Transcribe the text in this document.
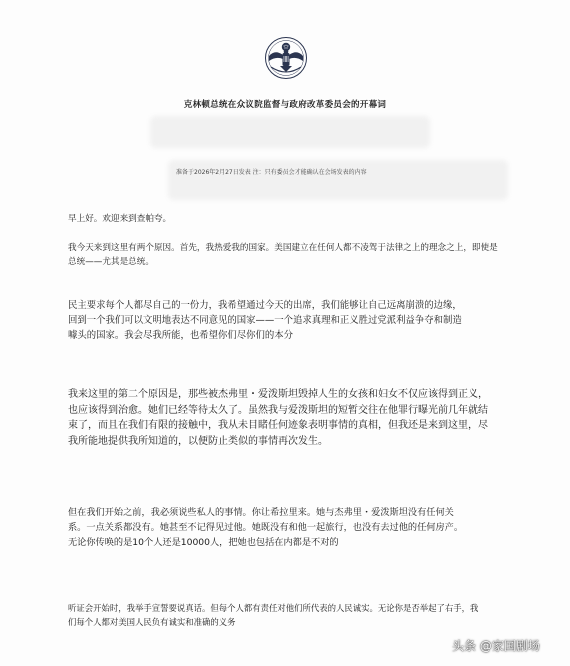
克林顿总统在众议院监督与政府改革委员会的开幕词
准备于2026年2月27日发表 注：只有委员会才能确认在会场发表的内容

早上好。欢迎来到查帕夸。

我今天来到这里有两个原因。首先，我热爱我的国家。美国建立在任何人都不凌驾于法律之上的理念之上，即使是总统——尤其是总统。

民主要求每个人都尽自己的一份力，我希望通过今天的出席，我们能够让自己远离崩溃的边缘，回到一个我们可以文明地表达不同意见的国家——一个追求真理和正义胜过党派利益争夺和制造噱头的国家。我会尽我所能，也希望你们尽你们的本分

我来这里的第二个原因是，那些被杰弗里・爱泼斯坦毁掉人生的女孩和妇女不仅应该得到正义，也应该得到治愈。她们已经等待太久了。虽然我与爱泼斯坦的短暂交往在他罪行曝光前几年就结束了，而且在我们有限的接触中，我从未目睹任何迹象表明事情的真相，但我还是来到这里，尽我所能地提供我所知道的，以便防止类似的事情再次发生。

但在我们开始之前，我必须说些私人的事情。你让希拉里来。她与杰弗里・爱泼斯坦没有任何关系。一点关系都没有。她甚至不记得见过他。她既没有和他一起旅行，也没有去过他的任何房产。无论你传唤的是10个人还是10000人，把她也包括在内都是不对的

听证会开始时，我举手宣誓要说真话。但每个人都有责任对他们所代表的人民诚实。无论你是否举起了右手，我们每个人都对美国人民负有诚实和准确的义务

头条 @家国剧场
